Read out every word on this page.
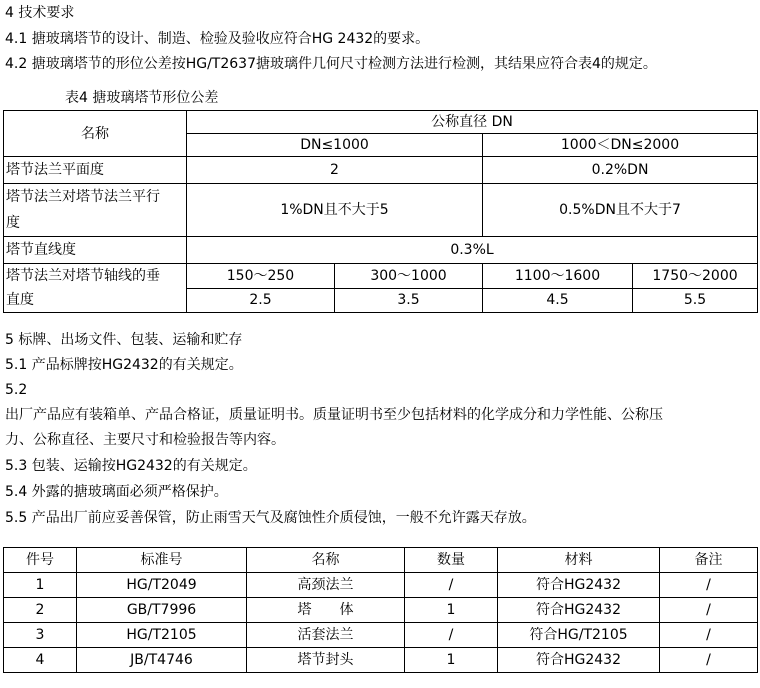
4 技术要求
4.1 搪玻璃塔节的设计、制造、检验及验收应符合HG 2432的要求。
4.2 搪玻璃塔节的形位公差按HG/T2637搪玻璃件几何尺寸检测方法进行检测，其结果应符合表4的规定。
表4 搪玻璃塔节形位公差
名称	公称直径 DN			
	DN≤1000		1000＜DN≤2000	
塔节法兰平面度	2		0.2%DN	

塔节法兰对塔节法兰平行
度	1%DN且不大于5		0.5%DN且不大于7	
塔节直线度	0.3%L			
塔节法兰对塔节轴线的垂	150～250	300～1000	1100～1600	1750～2000
直度	2.5	3.5	4.5	5.5
5 标牌、出场文件、包装、运输和贮存
5.1 产品标牌按HG2432的有关规定。
5.2
出厂产品应有装箱单、产品合格证，质量证明书。质量证明书至少包括材料的化学成分和力学性能、公称压
力、公称直径、主要尺寸和检验报告等内容。
5.3 包装、运输按HG2432的有关规定。
5.4 外露的搪玻璃面必须严格保护。
5.5 产品出厂前应妥善保管，防止雨雪天气及腐蚀性介质侵蚀，一般不允许露天存放。
件号	标准号	名称	数量	材料	备注
1	HG/T2049	高颈法兰	/	符合HG2432	/
2	GB/T7996	塔　　体	1	符合HG2432	/
3	HG/T2105	活套法兰	/	符合HG/T2105	/
4	JB/T4746	塔节封头	1	符合HG2432	/
